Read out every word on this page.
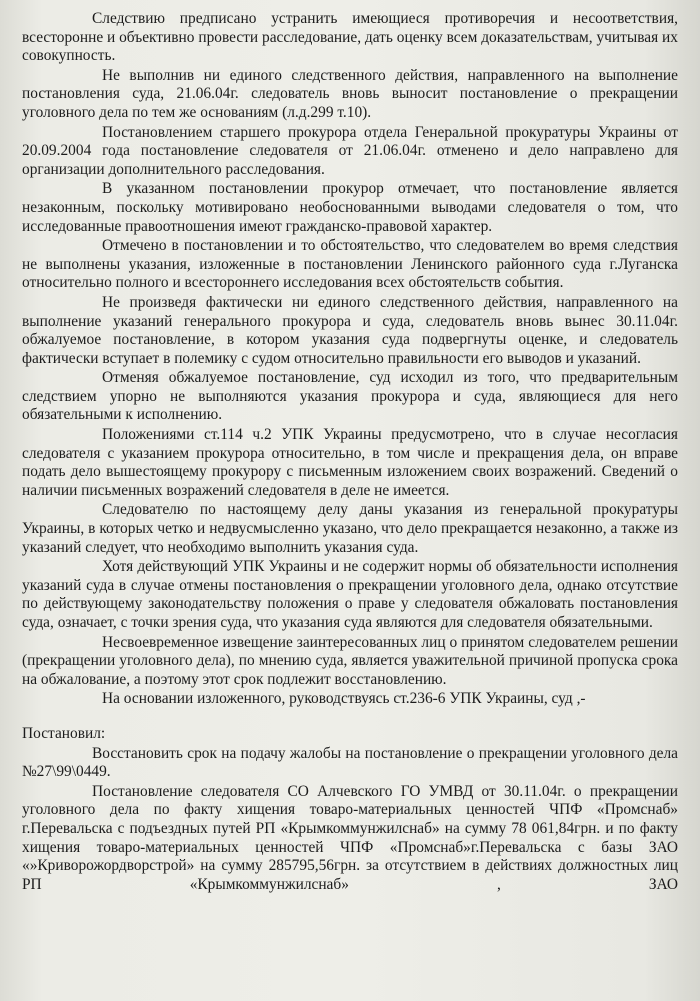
Следствию предписано устранить имеющиеся противоречия и несоответствия, всесторонне и объективно провести расследование, дать оценку всем доказательствам, учитывая их совокупность.

Не выполнив ни единого следственного действия, направленного на выполнение постановления суда, 21.06.04г. следователь вновь выносит постановление о прекращении уголовного дела по тем же основаниям (л.д.299 т.10).

Постановлением старшего прокурора отдела Генеральной прокуратуры Украины от 20.09.2004 года постановление следователя от 21.06.04г. отменено и дело направлено для организации дополнительного расследования.

В указанном постановлении прокурор отмечает, что постановление является незаконным, поскольку мотивировано необоснованными выводами следователя о том, что исследованные правоотношения имеют гражданско-правовой характер.

Отмечено в постановлении и то обстоятельство, что следователем во время следствия не выполнены указания, изложенные в постановлении Ленинского районного суда г.Луганска относительно полного и всестороннего исследования всех обстоятельств события.

Не произведя фактически ни единого следственного действия, направленного на выполнение указаний генерального прокурора и суда, следователь вновь вынес 30.11.04г. обжалуемое постановление, в котором указания суда подвергнуты оценке, и следователь фактически вступает в полемику с судом относительно правильности его выводов и указаний.

Отменяя обжалуемое постановление, суд исходил из того, что предварительным следствием упорно не выполняются указания прокурора и суда, являющиеся для него обязательными к исполнению.

Положениями ст.114 ч.2 УПК Украины предусмотрено, что в случае несогласия следователя с указанием прокурора относительно, в том числе и прекращения дела, он вправе подать дело вышестоящему прокурору с письменным изложением своих возражений. Сведений о наличии письменных возражений следователя в деле не имеется.

Следователю по настоящему делу даны указания из генеральной прокуратуры Украины, в которых четко и недвусмысленно указано, что дело прекращается незаконно, а также из указаний следует, что необходимо выполнить указания суда.

Хотя действующий УПК Украины и не содержит нормы об обязательности исполнения указаний суда в случае отмены постановления о прекращении уголовного дела, однако отсутствие по действующему законодательству положения о праве у следователя обжаловать постановления суда, означает, с точки зрения суда, что указания суда являются для следователя обязательными.

Несвоевременное извещение заинтересованных лиц о принятом следователем решении (прекращении уголовного дела), по мнению суда, является уважительной причиной пропуска срока на обжалование, а поэтому этот срок подлежит восстановлению.

На основании изложенного, руководствуясь ст.236-6 УПК Украины, суд ,-

Постановил:

Восстановить срок на подачу жалобы на постановление о прекращении уголовного дела №27\99\0449.

Постановление следователя СО Алчевского ГО УМВД от 30.11.04г. о прекращении уголовного дела по факту хищения товаро-материальных ценностей ЧПФ «Промснаб» г.Перевальска с подъездных путей РП «Крымкоммунжилснаб» на сумму 78 061,84грн. и по факту хищения товаро-материальных ценностей ЧПФ «Промснаб»г.Перевальска с базы ЗАО «»Криворожордворстрой» на сумму 285795,56грн. за отсутствием в действиях должностных лиц РП «Крымкоммунжилснаб» , ЗАО
